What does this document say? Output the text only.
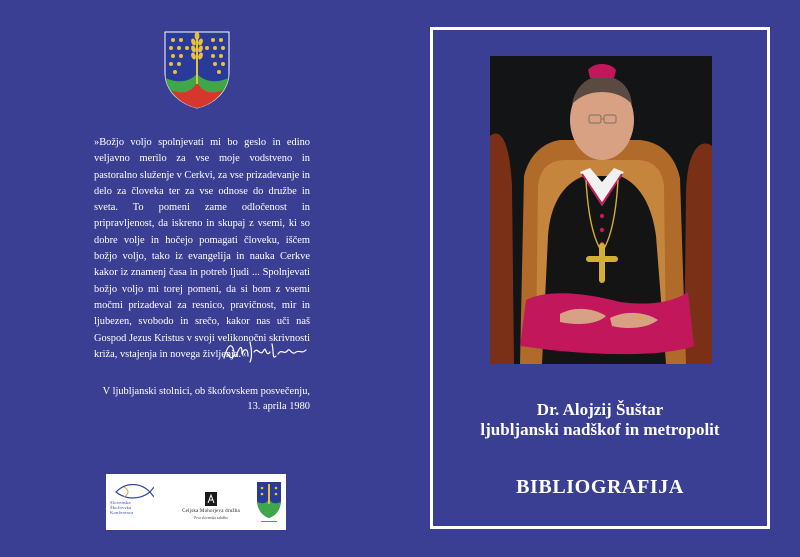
»Božjo voljo spolnjevati mi bo geslo in edino veljavno merilo za vse moje vodstveno in pastoralno služenje v Cerkvi, za vse prizadevanje in delo za človeka ter za vse odnose do družbe in sveta. To pomeni zame odločenost in pripravljenost, da iskreno in skupaj z vsemi, ki so dobre volje in hočejo pomagati človeku, iščem božjo voljo, tako iz evangelija in nauka Cerkve kakor iz znamenj časa in potreb ljudi ... Spolnjevati božjo voljo mi torej pomeni, da si bom z vsemi močmi prizadeval za resnico, pravičnost, mir in ljubezen, svobodo in srečo, kakor nas uči naš Gospod Jezus Kristus v svoji velikonočni skrivnosti križa, vstajenja in novega življenja.«
V ljubljanski stolnici, ob škofovskem posvečenju,
13. aprila 1980
Slovenska
Škofovska
Konferenca	Celjska Mohorjeva družba
Prva slovenska založba
Dr. Alojzij Šuštar
ljubljanski nadškof in metropolit
BIBLIOGRAFIJA
